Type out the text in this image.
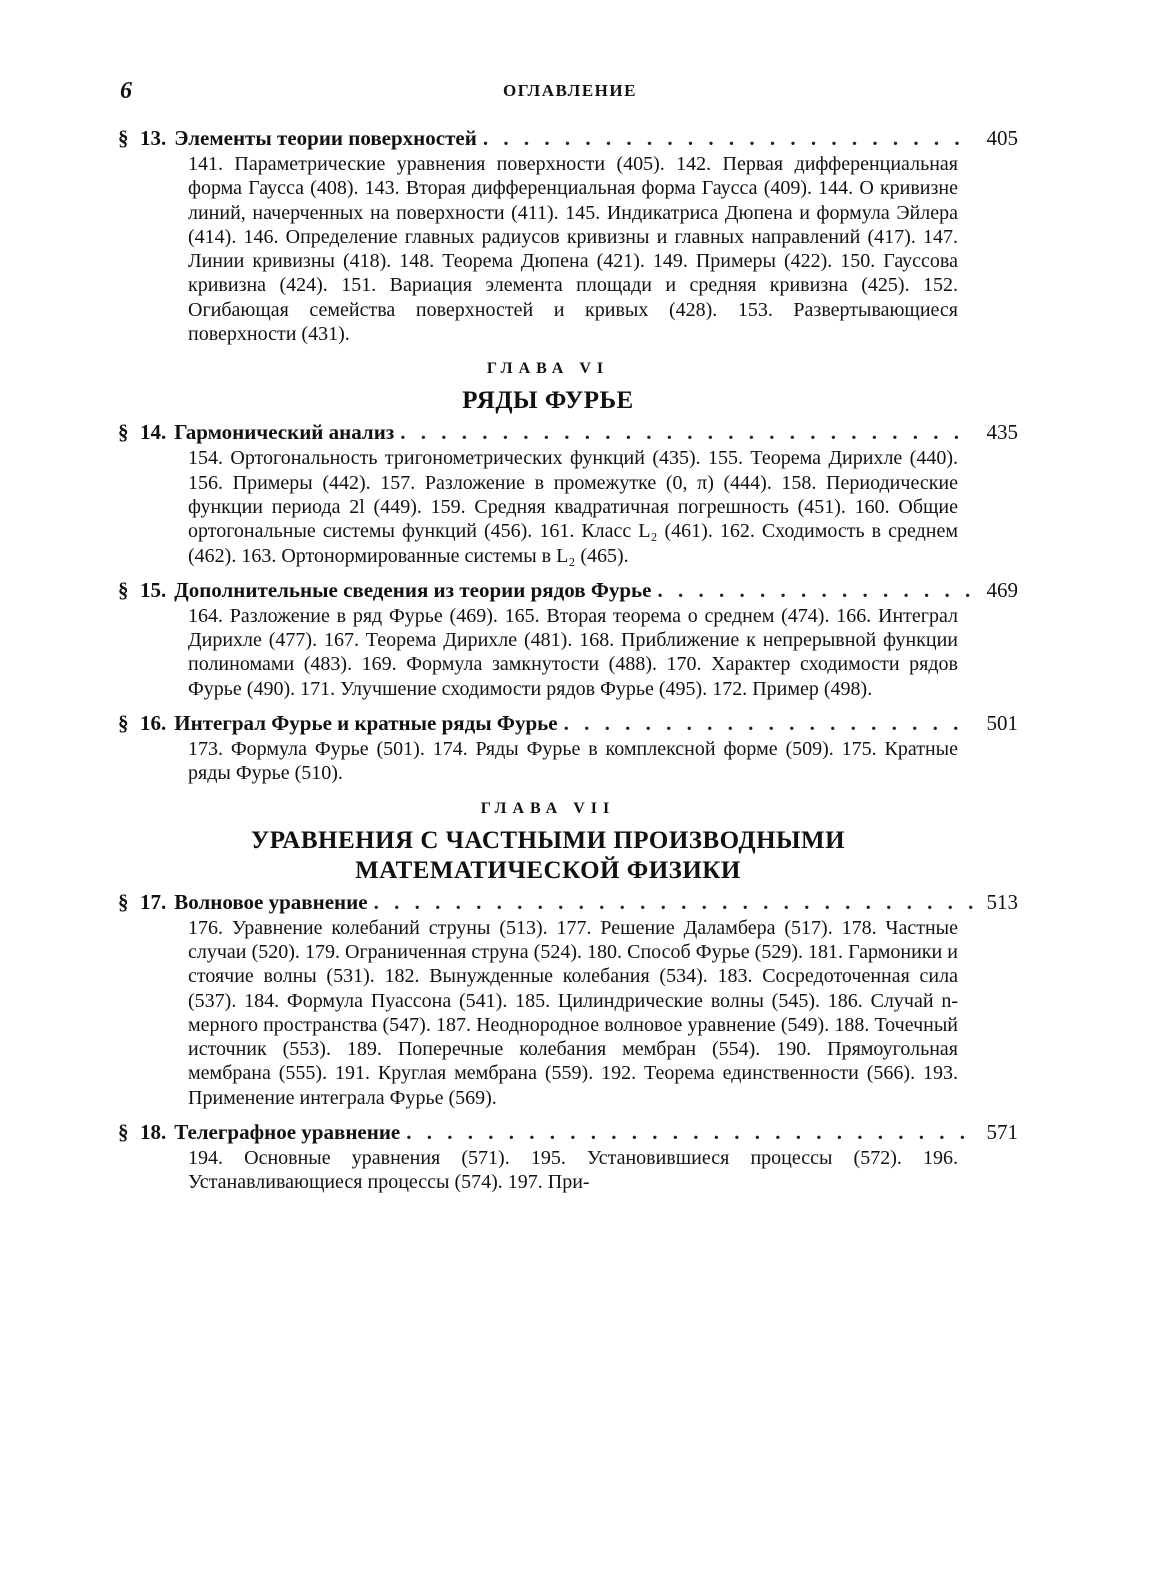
6	ОГЛАВЛЕНИЕ
§ 13. Элементы теории поверхностей . . .	405
141. Параметрические уравнения поверхности (405). 142. Первая дифференциальная форма Гаусса (408). 143. Вторая дифференциальная форма Гаусса (409). 144. О кривизне линий, начерченных на поверхности (411). 145. Индикатриса Дюпена и формула Эйлера (414). 146. Определение главных радиусов кривизны и главных направлений (417). 147. Линии кривизны (418). 148. Теорема Дюпена (421). 149. Примеры (422). 150. Гауссова кривизна (424). 151. Вариация элемента площади и средняя кривизна (425). 152. Огибающая семейства поверхностей и кривых (428). 153. Развертывающиеся поверхности (431).
ГЛАВА VI
РЯДЫ ФУРЬЕ
§ 14. Гармонический анализ . . .	435
154. Ортогональность тригонометрических функций (435). 155. Теорема Дирихле (440). 156. Примеры (442). 157. Разложение в промежутке (0, π) (444). 158. Периодические функции периода 2l (449). 159. Средняя квадратичная погрешность (451). 160. Общие ортогональные системы функций (456). 161. Класс L₂ (461). 162. Сходимость в среднем (462). 163. Ортонормированные системы в L₂ (465).
§ 15. Дополнительные сведения из теории рядов Фурье . . .	469
164. Разложение в ряд Фурье (469). 165. Вторая теорема о среднем (474). 166. Интеграл Дирихле (477). 167. Теорема Дирихле (481). 168. Приближение к непрерывной функции полиномами (483). 169. Формула замкнутости (488). 170. Характер сходимости рядов Фурье (490). 171. Улучшение сходимости рядов Фурье (495). 172. Пример (498).
§ 16. Интеграл Фурье и кратные ряды Фурье . . .	501
173. Формула Фурье (501). 174. Ряды Фурье в комплексной форме (509). 175. Кратные ряды Фурье (510).
ГЛАВА VII
УРАВНЕНИЯ С ЧАСТНЫМИ ПРОИЗВОДНЫМИ
МАТЕМАТИЧЕСКОЙ ФИЗИКИ
§ 17. Волновое уравнение . . .	513
176. Уравнение колебаний струны (513). 177. Решение Даламбера (517). 178. Частные случаи (520). 179. Ограниченная струна (524). 180. Способ Фурье (529). 181. Гармоники и стоячие волны (531). 182. Вынужденные колебания (534). 183. Сосредоточенная сила (537). 184. Формула Пуассона (541). 185. Цилиндрические волны (545). 186. Случай n-мерного пространства (547). 187. Неоднородное волновое уравнение (549). 188. Точечный источник (553). 189. Поперечные колебания мембран (554). 190. Прямоугольная мембрана (555). 191. Круглая мембрана (559). 192. Теорема единственности (566). 193. Применение интеграла Фурье (569).
§ 18. Телеграфное уравнение . . .	571
194. Основные уравнения (571). 195. Установившиеся процессы (572). 196. Устанавливающиеся процессы (574). 197. При-
